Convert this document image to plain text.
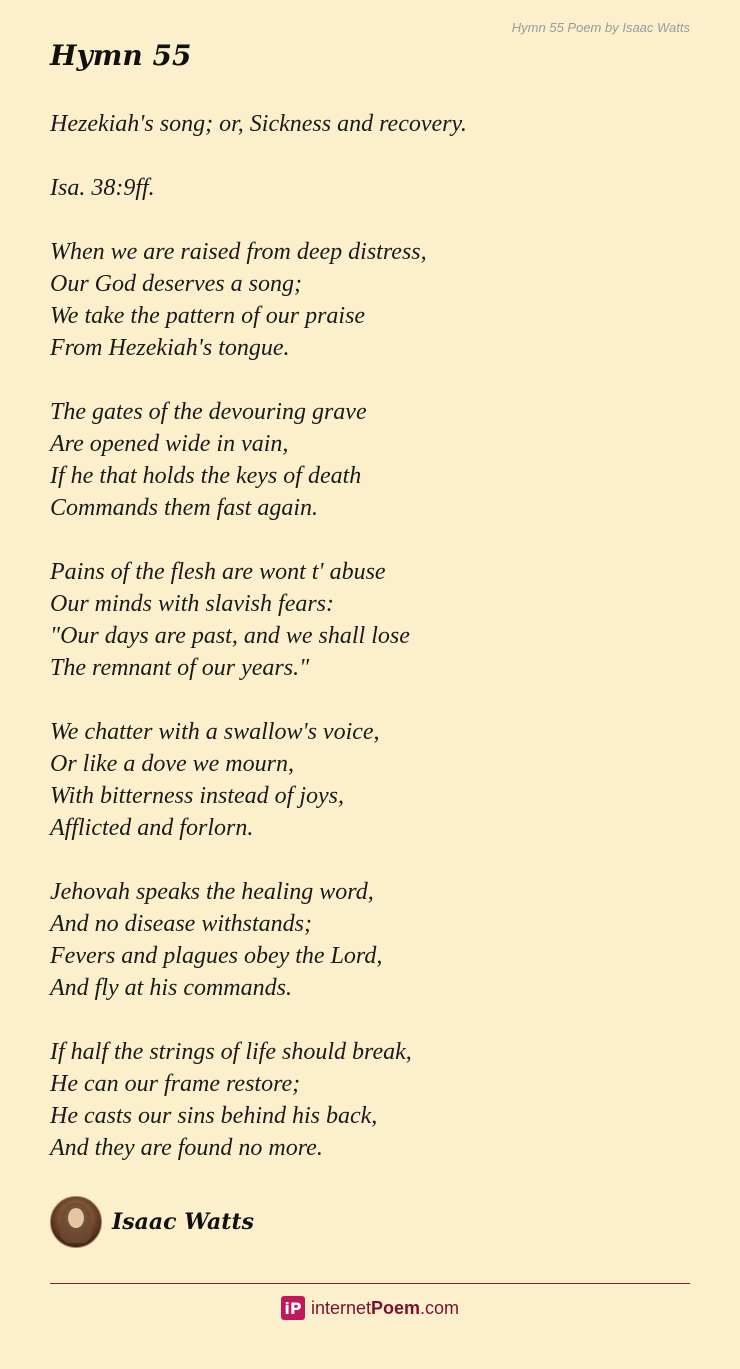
Hymn 55 Poem by Isaac Watts
Hymn 55
Hezekiah's song; or, Sickness and recovery.
Isa. 38:9ff.
When we are raised from deep distress,
Our God deserves a song;
We take the pattern of our praise
From Hezekiah's tongue.
The gates of the devouring grave
Are opened wide in vain,
If he that holds the keys of death
Commands them fast again.
Pains of the flesh are wont t' abuse
Our minds with slavish fears:
"Our days are past, and we shall lose
The remnant of our years."
We chatter with a swallow's voice,
Or like a dove we mourn,
With bitterness instead of joys,
Afflicted and forlorn.
Jehovah speaks the healing word,
And no disease withstands;
Fevers and plagues obey the Lord,
And fly at his commands.
If half the strings of life should break,
He can our frame restore;
He casts our sins behind his back,
And they are found no more.
Isaac Watts
iP internetPoem.com
